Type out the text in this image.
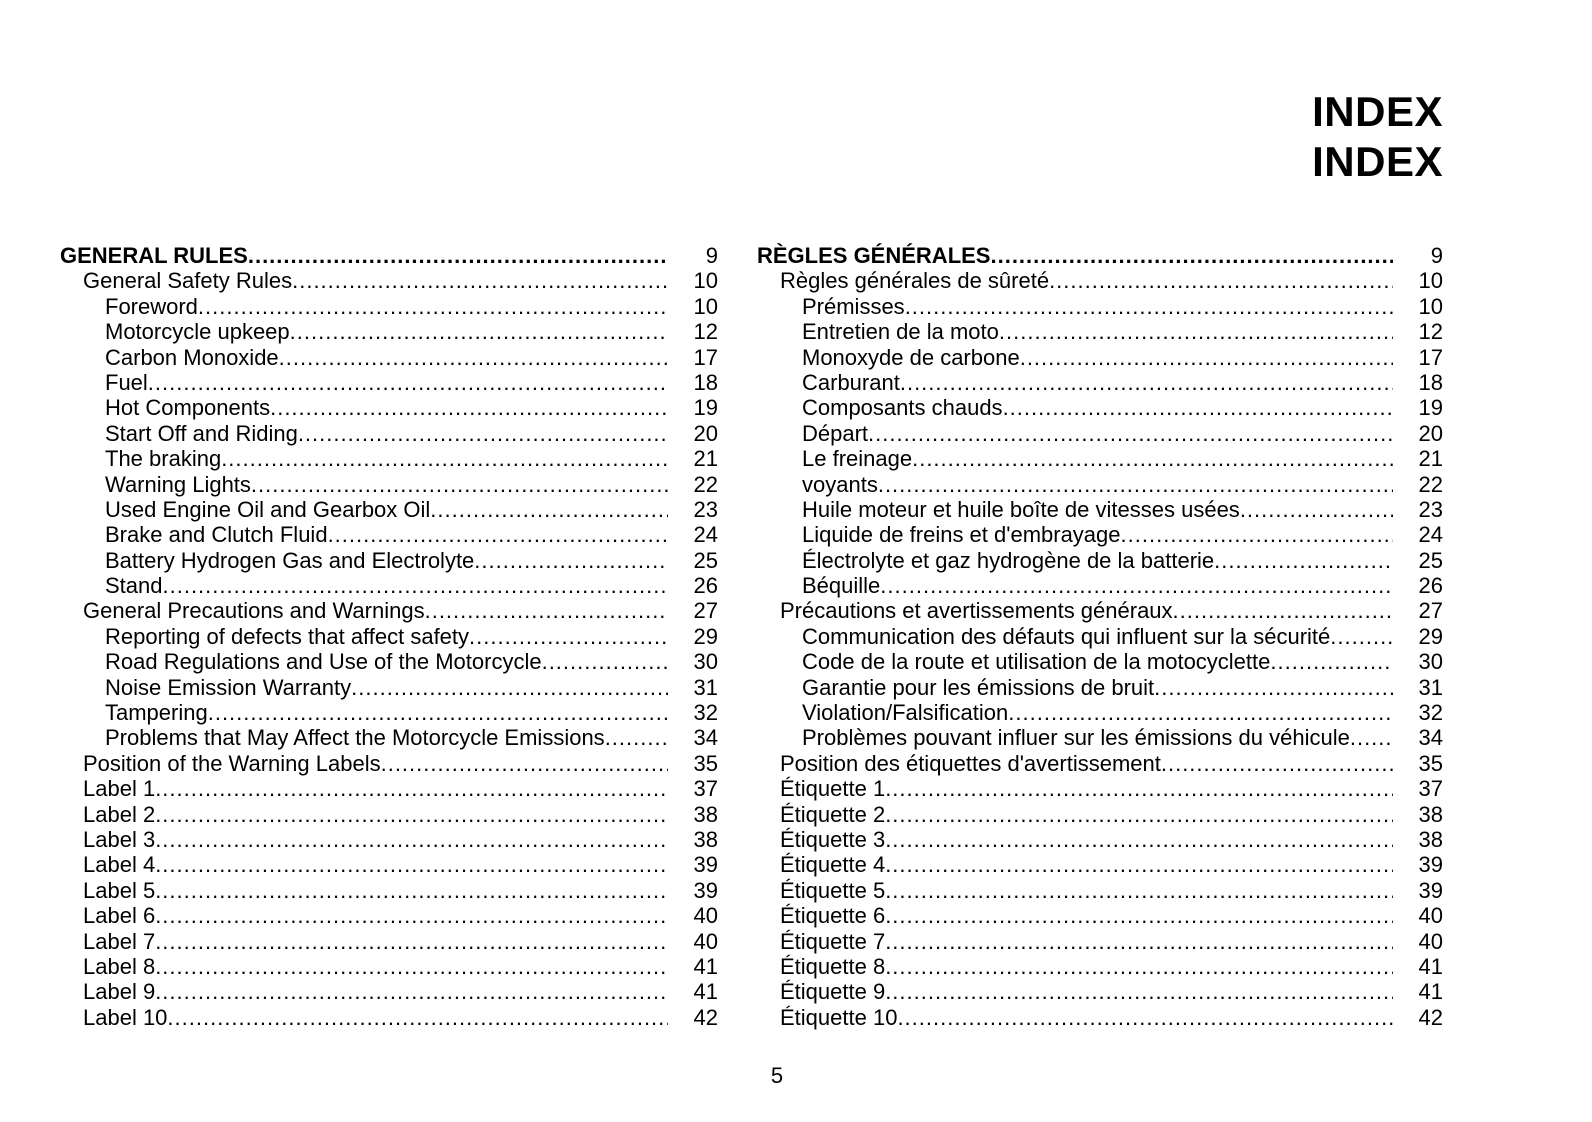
INDEX
INDEX
GENERAL RULES .....	9
General Safety Rules .....	10
Foreword .....	10
Motorcycle upkeep .....	12
Carbon Monoxide .....	17
Fuel .....	18
Hot Components .....	19
Start Off and Riding .....	20
The braking .....	21
Warning Lights .....	22
Used Engine Oil and Gearbox Oil .....	23
Brake and Clutch Fluid .....	24
Battery Hydrogen Gas and Electrolyte .....	25
Stand .....	26
General Precautions and Warnings .....	27
Reporting of defects that affect safety .....	29
Road Regulations and Use of the Motorcycle .....	30
Noise Emission Warranty .....	31
Tampering .....	32
Problems that May Affect the Motorcycle Emissions .....	34
Position of the Warning Labels .....	35
Label 1 .....	37
Label 2 .....	38
Label 3 .....	38
Label 4 .....	39
Label 5 .....	39
Label 6 .....	40
Label 7 .....	40
Label 8 .....	41
Label 9 .....	41
Label 10 .....	42
RÈGLES GÉNÉRALES .....	9
Règles générales de sûreté .....	10
Prémisses .....	10
Entretien de la moto .....	12
Monoxyde de carbone .....	17
Carburant .....	18
Composants chauds .....	19
Départ .....	20
Le freinage .....	21
voyants .....	22
Huile moteur et huile boîte de vitesses usées .....	23
Liquide de freins et d'embrayage .....	24
Électrolyte et gaz hydrogène de la batterie .....	25
Béquille .....	26
Précautions et avertissements généraux .....	27
Communication des défauts qui influent sur la sécurité .....	29
Code de la route et utilisation de la motocyclette .....	30
Garantie pour les émissions de bruit .....	31
Violation/Falsification .....	32
Problèmes pouvant influer sur les émissions du véhicule .....	34
Position des étiquettes d'avertissement .....	35
Étiquette 1 .....	37
Étiquette 2 .....	38
Étiquette 3 .....	38
Étiquette 4 .....	39
Étiquette 5 .....	39
Étiquette 6 .....	40
Étiquette 7 .....	40
Étiquette 8 .....	41
Étiquette 9 .....	41
Étiquette 10 .....	42
5
